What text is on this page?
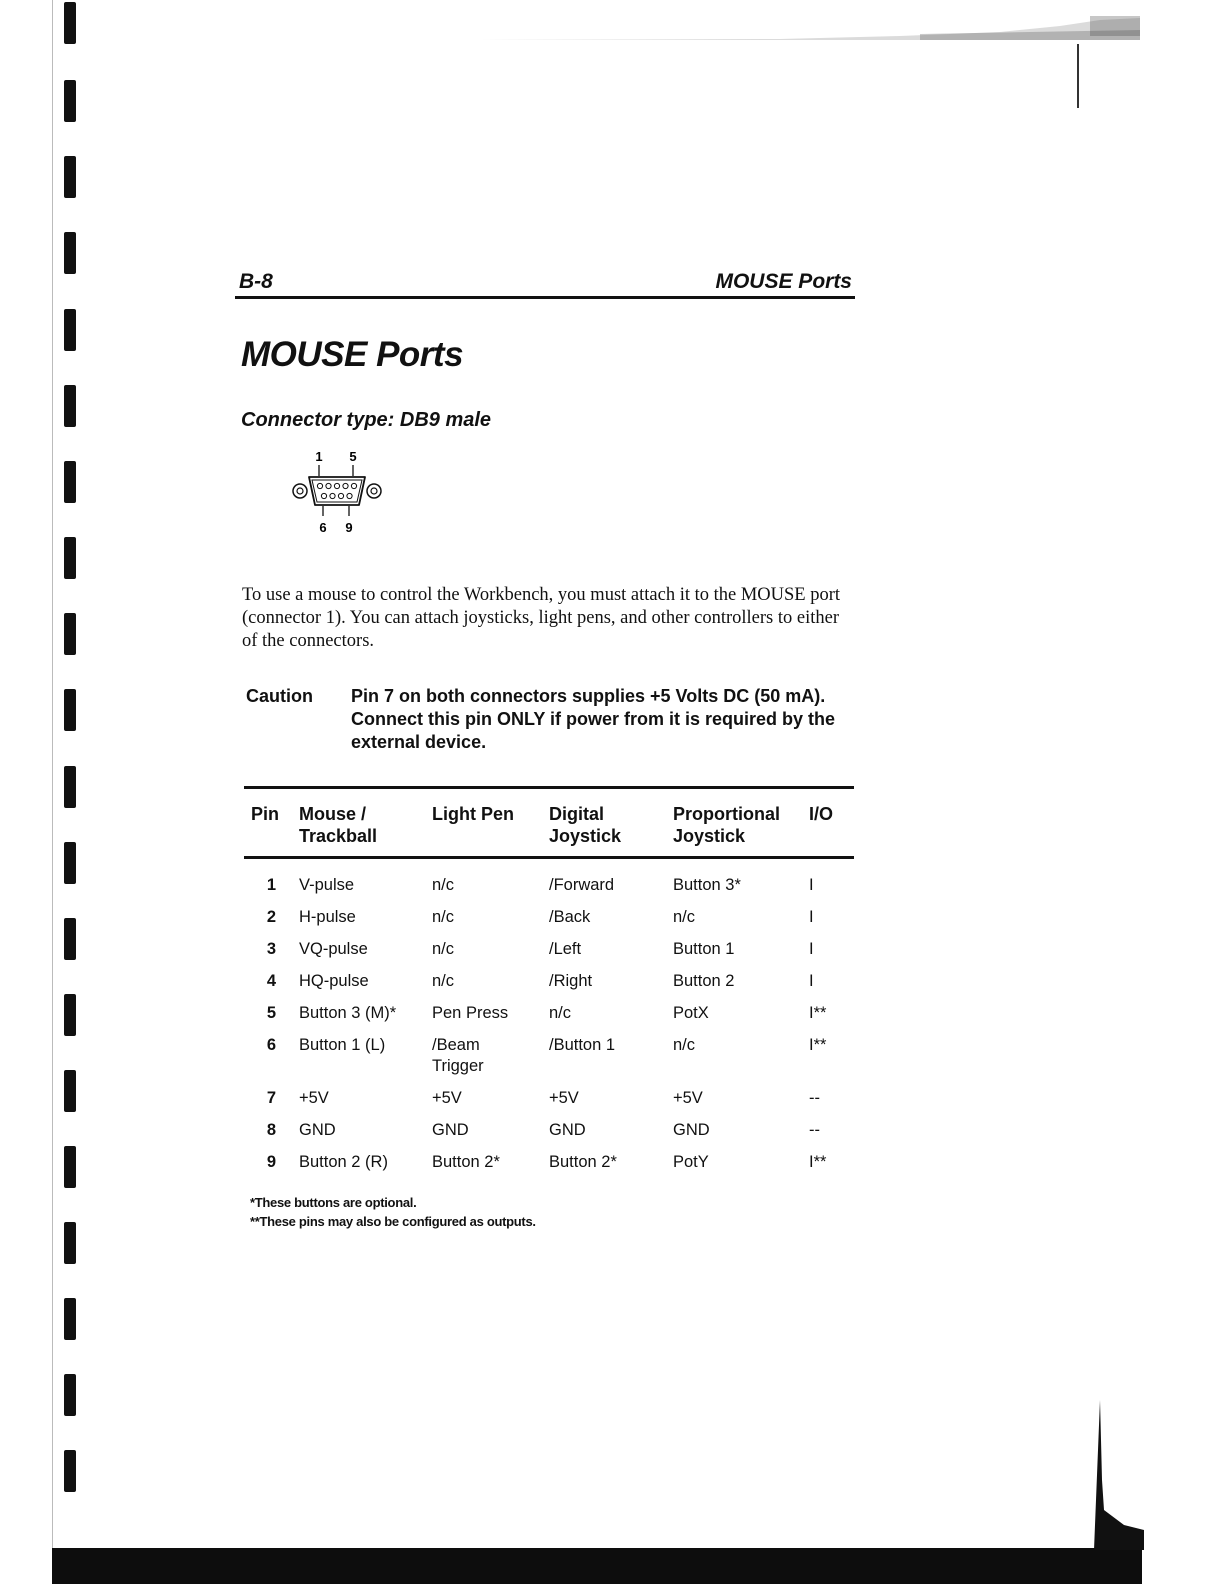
B-8	MOUSE Ports
MOUSE Ports
Connector type: DB9 male
1 5
6 9

To use a mouse to control the Workbench, you must attach it to the MOUSE port (connector 1). You can attach joysticks, light pens, and other controllers to either of the connectors.

Caution	Pin 7 on both connectors supplies +5 Volts DC (50 mA). Connect this pin ONLY if power from it is required by the external device.
Pin	Mouse / Trackball	Light Pen	Digital Joystick	Proportional Joystick	I/O
1	V-pulse	n/c	/Forward	Button 3*	I
2	H-pulse	n/c	/Back	n/c	I
3	VQ-pulse	n/c	/Left	Button 1	I
4	HQ-pulse	n/c	/Right	Button 2	I
5	Button 3 (M)*	Pen Press	n/c	PotX	I**
6	Button 1 (L)	/Beam Trigger	/Button 1	n/c	I**
7	+5V	+5V	+5V	+5V	--
8	GND	GND	GND	GND	--
9	Button 2 (R)	Button 2*	Button 2*	PotY	I**
*These buttons are optional.
**These pins may also be configured as outputs.
